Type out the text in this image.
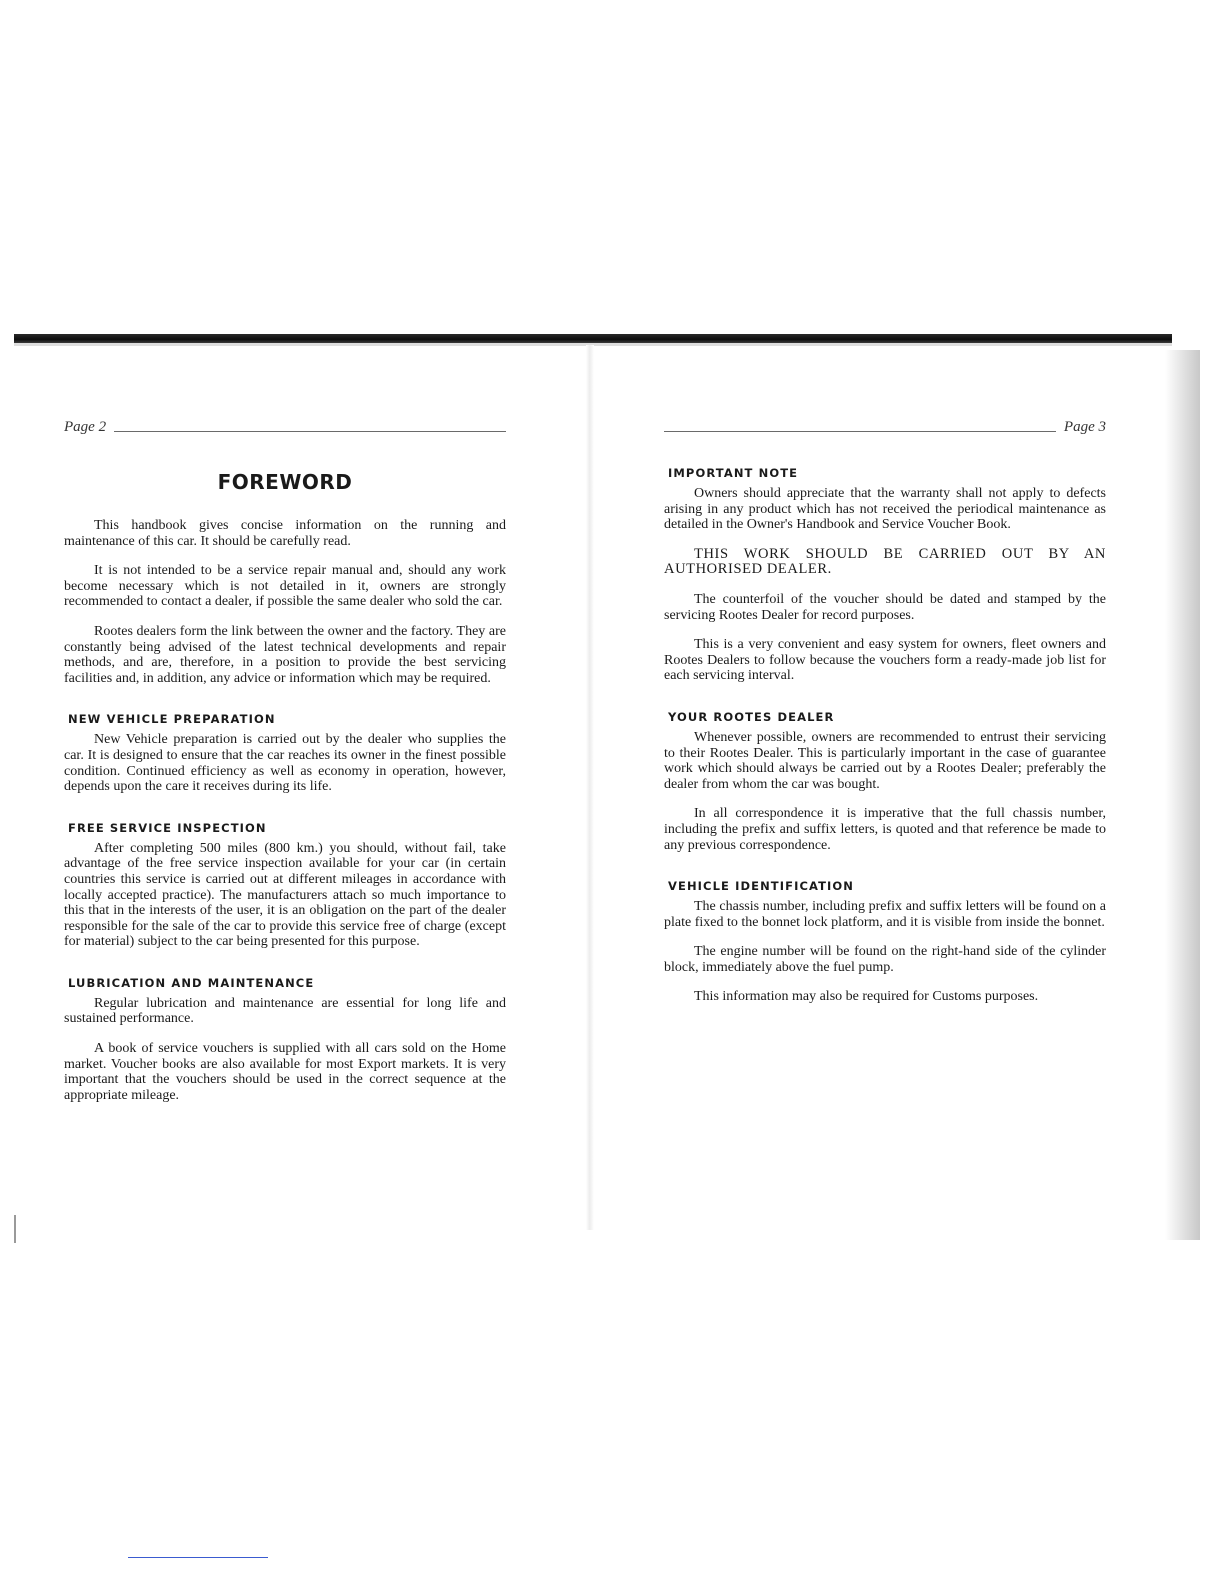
Page 2
FOREWORD

This handbook gives concise information on the running and maintenance of this car. It should be carefully read.

It is not intended to be a service repair manual and, should any work become necessary which is not detailed in it, owners are strongly recommended to contact a dealer, if possible the same dealer who sold the car.

Rootes dealers form the link between the owner and the factory. They are constantly being advised of the latest technical developments and repair methods, and are, therefore, in a position to provide the best servicing facilities and, in addition, any advice or information which may be required.

NEW VEHICLE PREPARATION

New Vehicle preparation is carried out by the dealer who supplies the car. It is designed to ensure that the car reaches its owner in the finest possible condition. Continued efficiency as well as economy in operation, however, depends upon the care it receives during its life.

FREE SERVICE INSPECTION

After completing 500 miles (800 km.) you should, without fail, take advantage of the free service inspection available for your car (in certain countries this service is carried out at different mileages in accordance with locally accepted practice). The manufacturers attach so much importance to this that in the interests of the user, it is an obligation on the part of the dealer responsible for the sale of the car to provide this service free of charge (except for material) subject to the car being presented for this purpose.

LUBRICATION AND MAINTENANCE

Regular lubrication and maintenance are essential for long life and sustained performance.

A book of service vouchers is supplied with all cars sold on the Home market. Voucher books are also available for most Export markets. It is very important that the vouchers should be used in the correct sequence at the appropriate mileage.

Page 3
IMPORTANT NOTE

Owners should appreciate that the warranty shall not apply to defects arising in any product which has not received the periodical maintenance as detailed in the Owner's Handbook and Service Voucher Book.

THIS WORK SHOULD BE CARRIED OUT BY AN AUTHORISED DEALER.

The counterfoil of the voucher should be dated and stamped by the servicing Rootes Dealer for record purposes.

This is a very convenient and easy system for owners, fleet owners and Rootes Dealers to follow because the vouchers form a ready-made job list for each servicing interval.

YOUR ROOTES DEALER

Whenever possible, owners are recommended to entrust their servicing to their Rootes Dealer. This is particularly important in the case of guarantee work which should always be carried out by a Rootes Dealer; preferably the dealer from whom the car was bought.

In all correspondence it is imperative that the full chassis number, including the prefix and suffix letters, is quoted and that reference be made to any previous correspondence.

VEHICLE IDENTIFICATION

The chassis number, including prefix and suffix letters will be found on a plate fixed to the bonnet lock platform, and it is visible from inside the bonnet.

The engine number will be found on the right-hand side of the cylinder block, immediately above the fuel pump.

This information may also be required for Customs purposes.
